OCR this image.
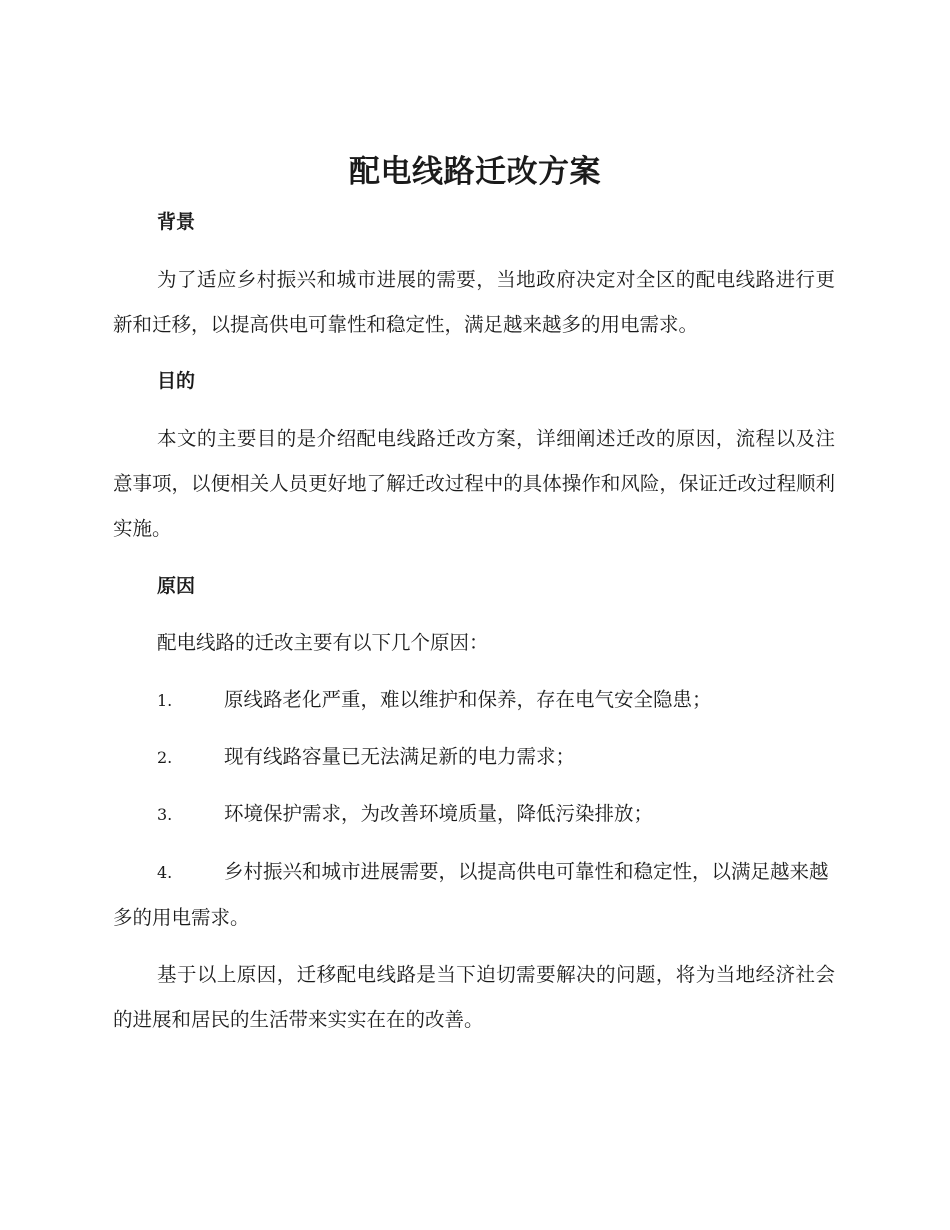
配电线路迁改方案
背景

为了适应乡村振兴和城市进展的需要，当地政府决定对全区的配电线路进行更新和迁移，以提高供电可靠性和稳定性，满足越来越多的用电需求。

目的

本文的主要目的是介绍配电线路迁改方案，详细阐述迁改的原因，流程以及注意事项，以便相关人员更好地了解迁改过程中的具体操作和风险，保证迁改过程顺利实施。

原因

配电线路的迁改主要有以下几个原因：

1.	原线路老化严重，难以维护和保养，存在电气安全隐患；

2.	现有线路容量已无法满足新的电力需求；

3.	环境保护需求，为改善环境质量，降低污染排放；

4.	乡村振兴和城市进展需要，以提高供电可靠性和稳定性，以满足越来越多的用电需求。

基于以上原因，迁移配电线路是当下迫切需要解决的问题，将为当地经济社会的进展和居民的生活带来实实在在的改善。
